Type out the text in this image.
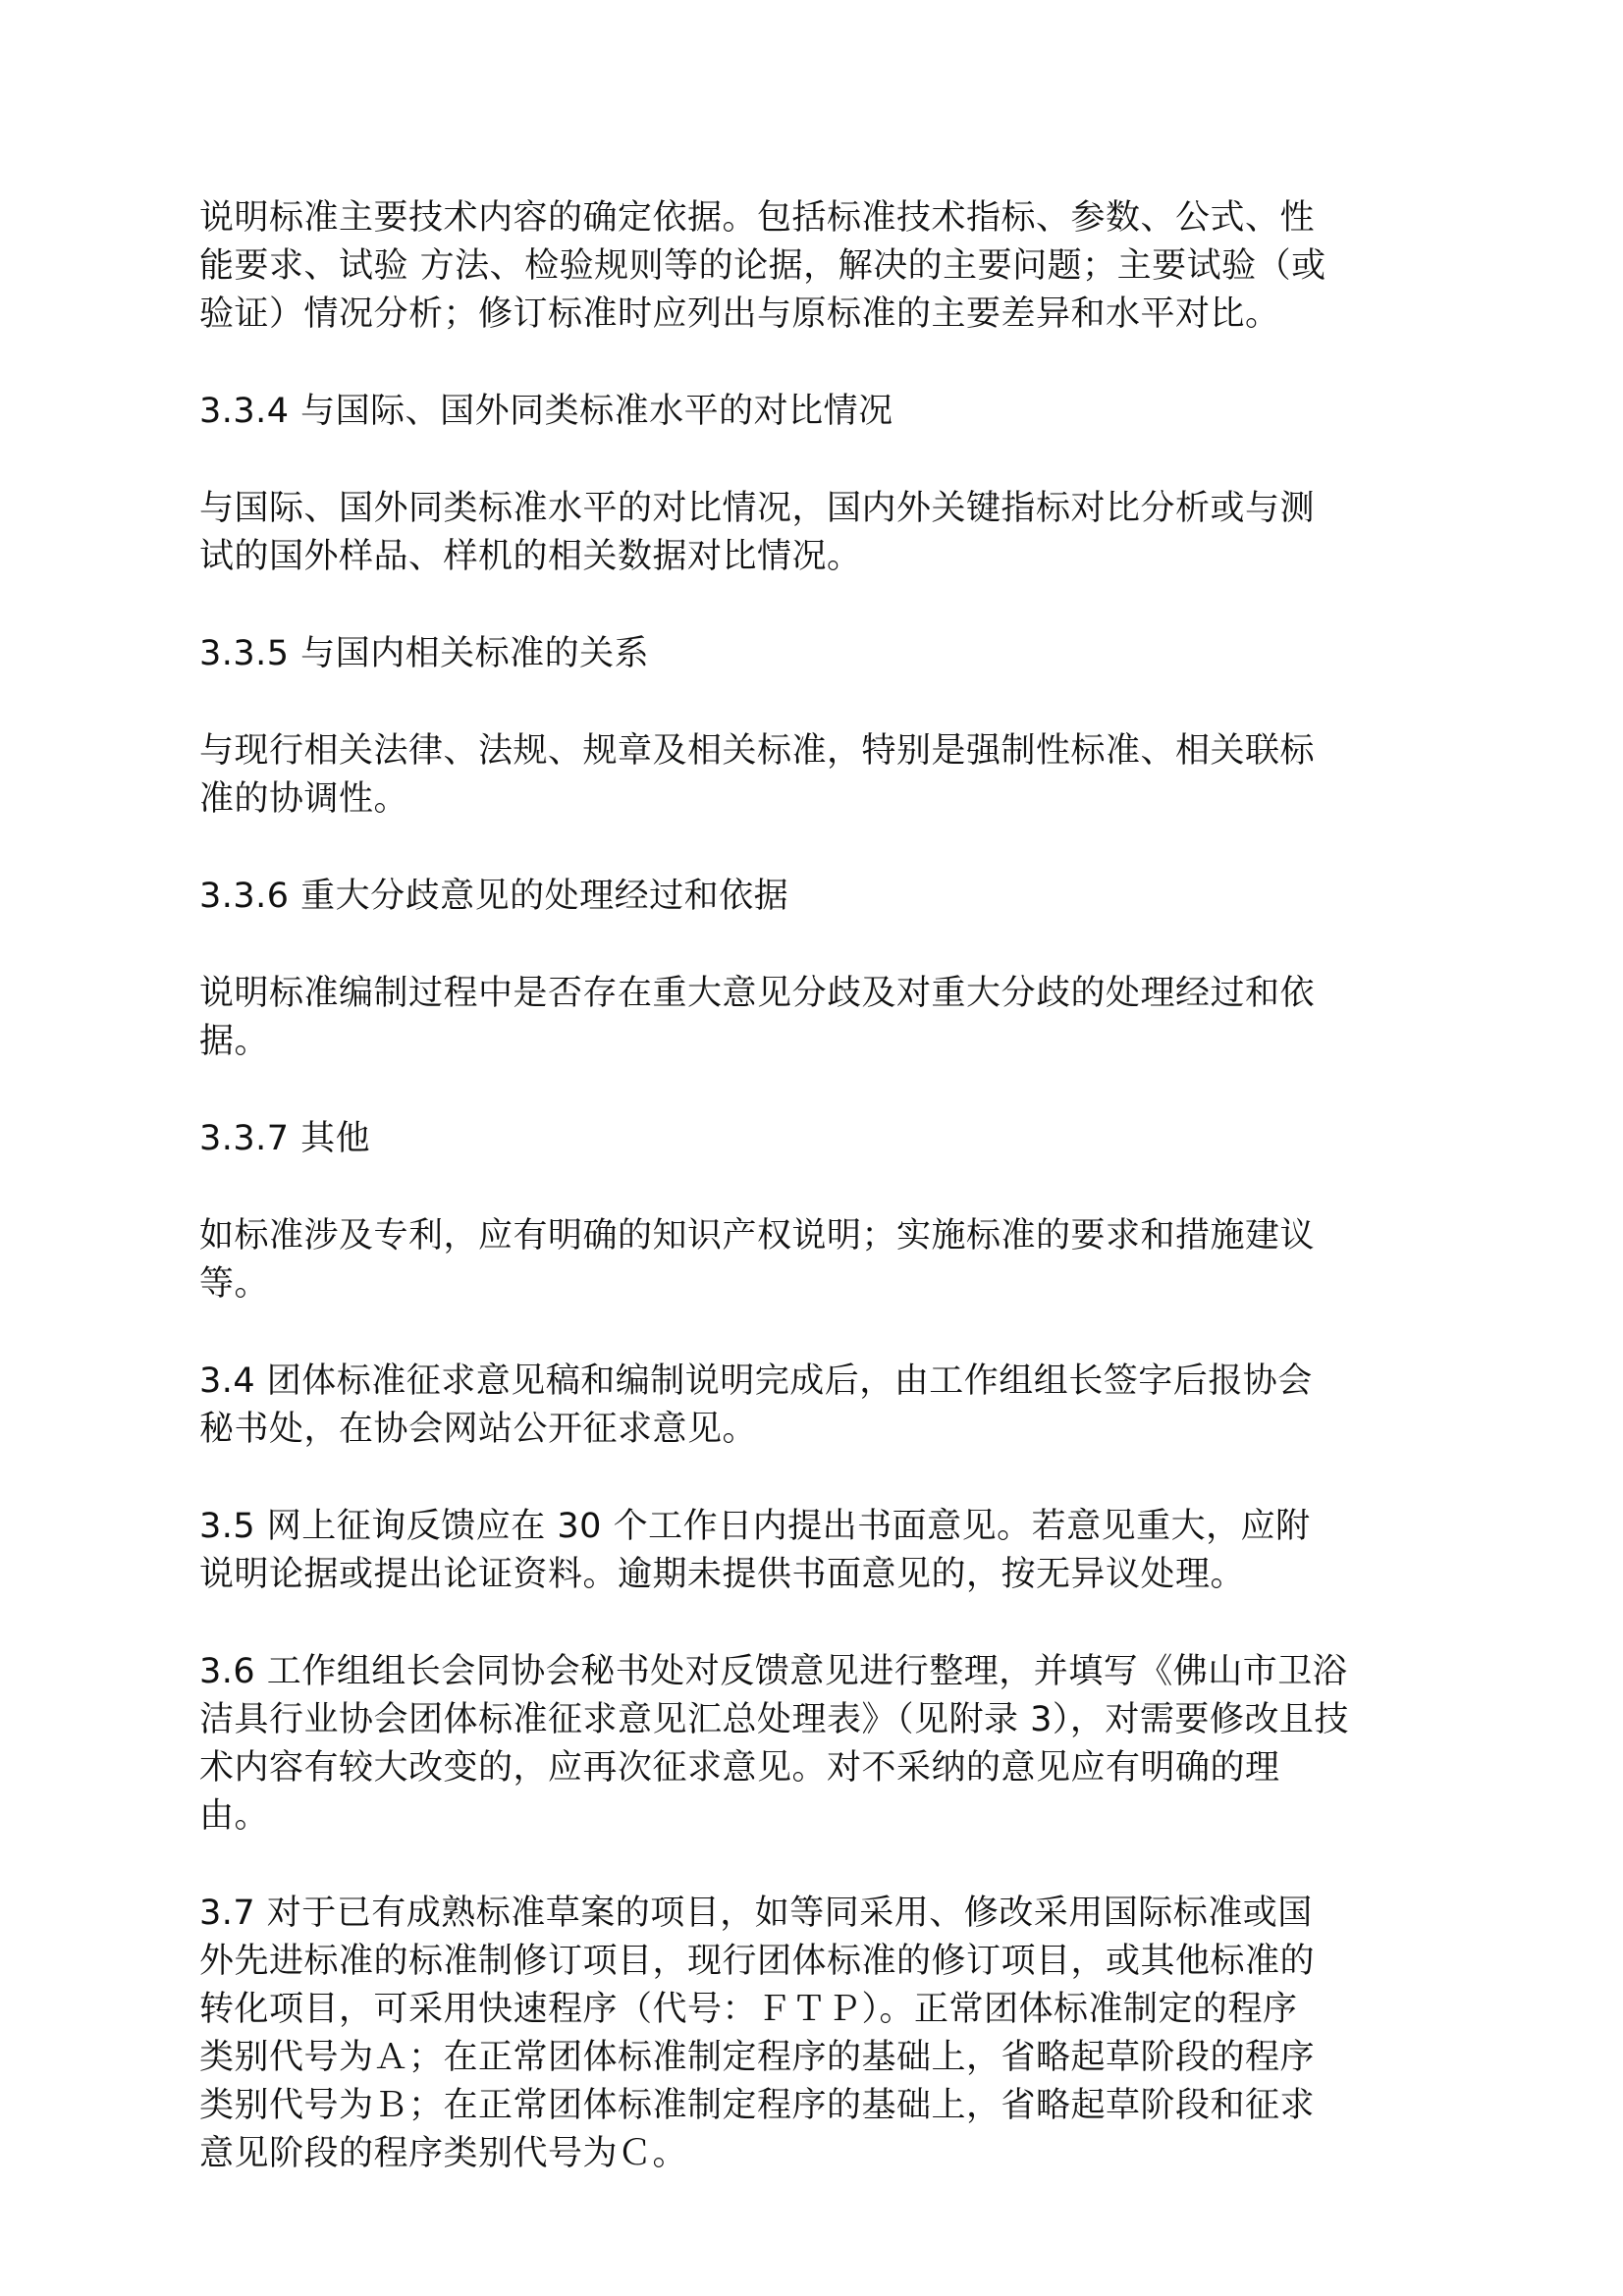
说明标准主要技术内容的确定依据。包括标准技术指标、参数、公式、性
能要求、试验 方法、检验规则等的论据，解决的主要问题；主要试验（或
验证）情况分析；修订标准时应列出与原标准的主要差异和水平对比。

3.3.4 与国际、国外同类标准水平的对比情况

与国际、国外同类标准水平的对比情况，国内外关键指标对比分析或与测
试的国外样品、样机的相关数据对比情况。

3.3.5 与国内相关标准的关系

与现行相关法律、法规、规章及相关标准，特别是强制性标准、相关联标
准的协调性。

3.3.6 重大分歧意见的处理经过和依据

说明标准编制过程中是否存在重大意见分歧及对重大分歧的处理经过和依
据。

3.3.7 其他

如标准涉及专利，应有明确的知识产权说明；实施标准的要求和措施建议
等。

3.4 团体标准征求意见稿和编制说明完成后，由工作组组长签字后报协会
秘书处，在协会网站公开征求意见。

3.5 网上征询反馈应在 30 个工作日内提出书面意见。若意见重大，应附
说明论据或提出论证资料。逾期未提供书面意见的，按无异议处理。

3.6 工作组组长会同协会秘书处对反馈意见进行整理，并填写《佛山市卫浴
洁具行业协会团体标准征求意见汇总处理表》（见附录 3），对需要修改且技
术内容有较大改变的，应再次征求意见。对不采纳的意见应有明确的理
由。

3.7 对于已有成熟标准草案的项目，如等同采用、修改采用国际标准或国
外先进标准的标准制修订项目，现行团体标准的修订项目，或其他标准的
转化项目，可采用快速程序（代号：ＦＴＰ）。正常团体标准制定的程序
类别代号为Ａ；在正常团体标准制定程序的基础上，省略起草阶段的程序
类别代号为Ｂ；在正常团体标准制定程序的基础上，省略起草阶段和征求
意见阶段的程序类别代号为Ｃ。
